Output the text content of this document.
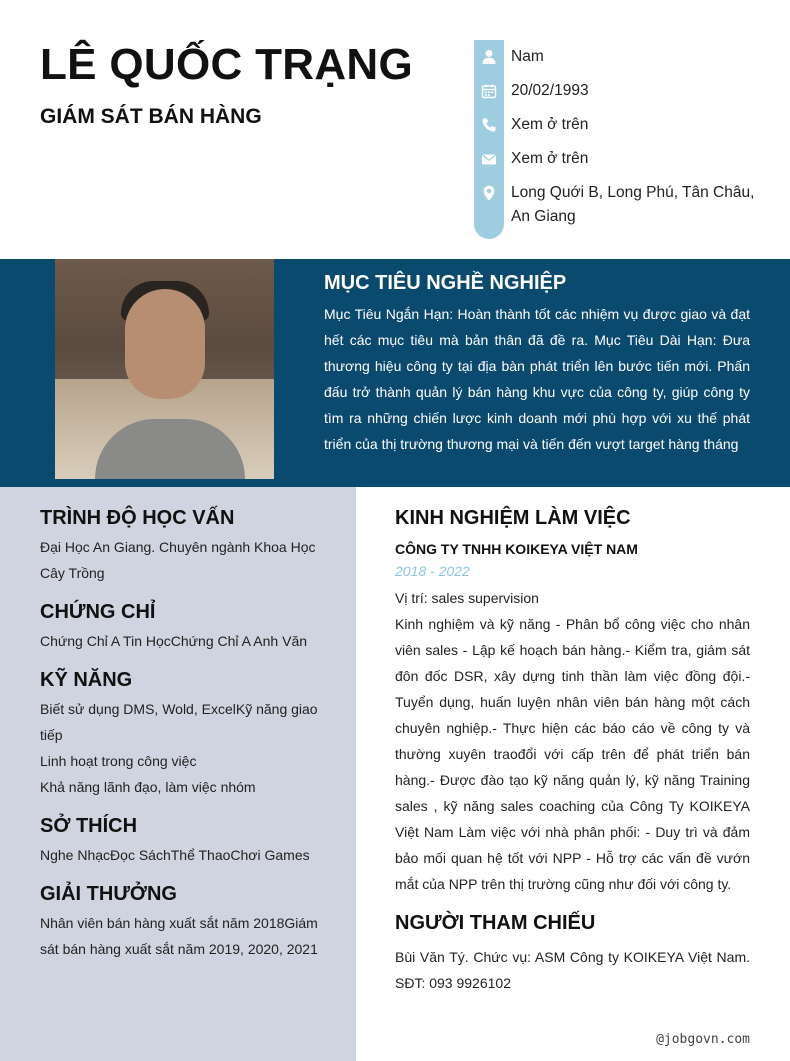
LÊ QUỐC TRẠNG
GIÁM SÁT BÁN HÀNG
Nam
20/02/1993
Xem ở trên
Xem ở trên
Long Quới B, Long Phú, Tân Châu, An Giang
MỤC TIÊU NGHỀ NGHIỆP

Mục Tiêu Ngắn Hạn: Hoàn thành tốt các nhiệm vụ được giao và đạt hết các mục tiêu mà bản thân đã đề ra. Mục Tiêu Dài Hạn: Đưa thương hiệu công ty tại địa bàn phát triển lên bước tiến mới. Phấn đấu trở thành quản lý bán hàng khu vực của công ty, giúp công ty tìm ra những chiến lược kinh doanh mới phù hợp với xu thế phát triển của thị trường thương mại và tiến đến vượt target hàng tháng

TRÌNH ĐỘ HỌC VẤN

Đại Học An Giang. Chuyên ngành Khoa Học Cây Trồng

CHỨNG CHỈ

Chứng Chỉ A Tin HọcChứng Chỉ A Anh Văn

KỸ NĂNG

Biết sử dụng DMS, Wold, ExcelKỹ năng giao tiếp

Linh hoạt trong công việc

Khả năng lãnh đạo, làm việc nhóm

SỞ THÍCH

Nghe NhạcĐọc SáchThể ThaoChơi Games

GIẢI THƯỞNG

Nhân viên bán hàng xuất sắt năm 2018Giám sát bán hàng xuất sắt năm 2019, 2020, 2021

KINH NGHIỆM LÀM VIỆC

CÔNG TY TNHH KOIKEYA VIỆT NAM

2018 - 2022

Vị trí: sales supervision

Kinh nghiệm và kỹ năng - Phân bổ công việc cho nhân viên sales - Lập kế hoạch bán hàng.- Kiểm tra, giám sát đôn đốc DSR, xây dựng tinh thần làm việc đồng đội.- Tuyển dụng, huấn luyện nhân viên bán hàng một cách chuyên nghiệp.- Thực hiện các báo cáo về công ty và thường xuyên traođổi với cấp trên để phát triển bán hàng.- Được đào tạo kỹ năng quản lý, kỹ năng Training sales , kỹ năng sales coaching của Công Ty KOIKEYA Việt Nam Làm việc với nhà phân phối: - Duy trì và đảm bảo mối quan hệ tốt với NPP - Hỗ trợ các vấn đề vướn mắt của NPP trên thị trường cũng như đối với công ty.

NGƯỜI THAM CHIẾU

Bùi Văn Tý. Chức vụ: ASM Công ty KOIKEYA Việt Nam. SĐT: 093 9926102

@jobgovn.com
